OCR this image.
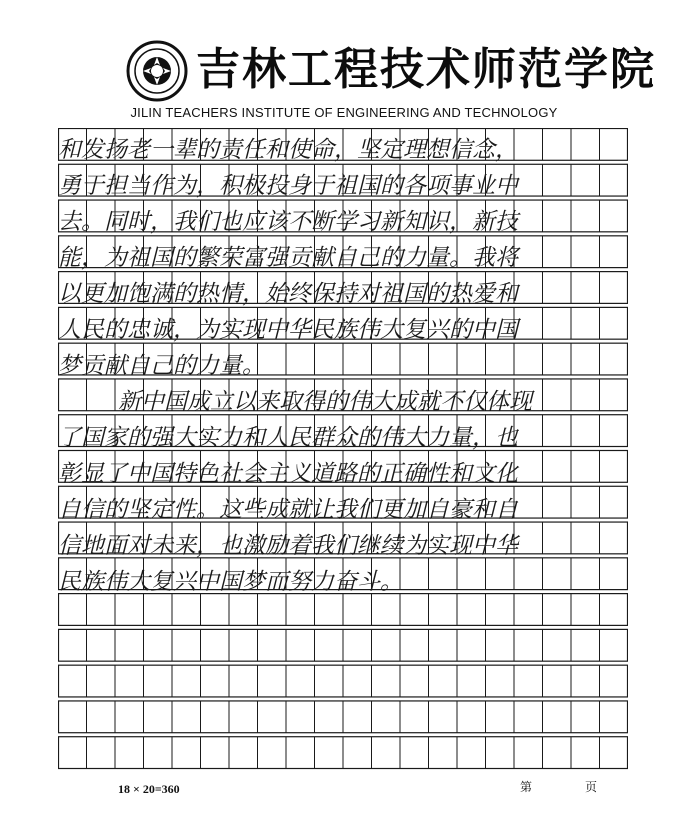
吉林工程技术师范学院
JILIN TEACHERS INSTITUTE OF ENGINEERING AND TECHNOLOGY
和发扬老一辈的责任和使命，坚定理想信念，
勇于担当作为，积极投身于祖国的各项事业中
去。同时，我们也应该不断学习新知识，新技
能，为祖国的繁荣富强贡献自己的力量。我将
以更加饱满的热情，始终保持对祖国的热爱和
人民的忠诚，为实现中华民族伟大复兴的中国
梦贡献自己的力量。
新中国成立以来取得的伟大成就不仅体现
了国家的强大实力和人民群众的伟大力量，也
彰显了中国特色社会主义道路的正确性和文化
自信的坚定性。这些成就让我们更加自豪和自
信地面对未来，也激励着我们继续为实现中华
民族伟大复兴中国梦而努力奋斗。
18 × 20=360	第	页
